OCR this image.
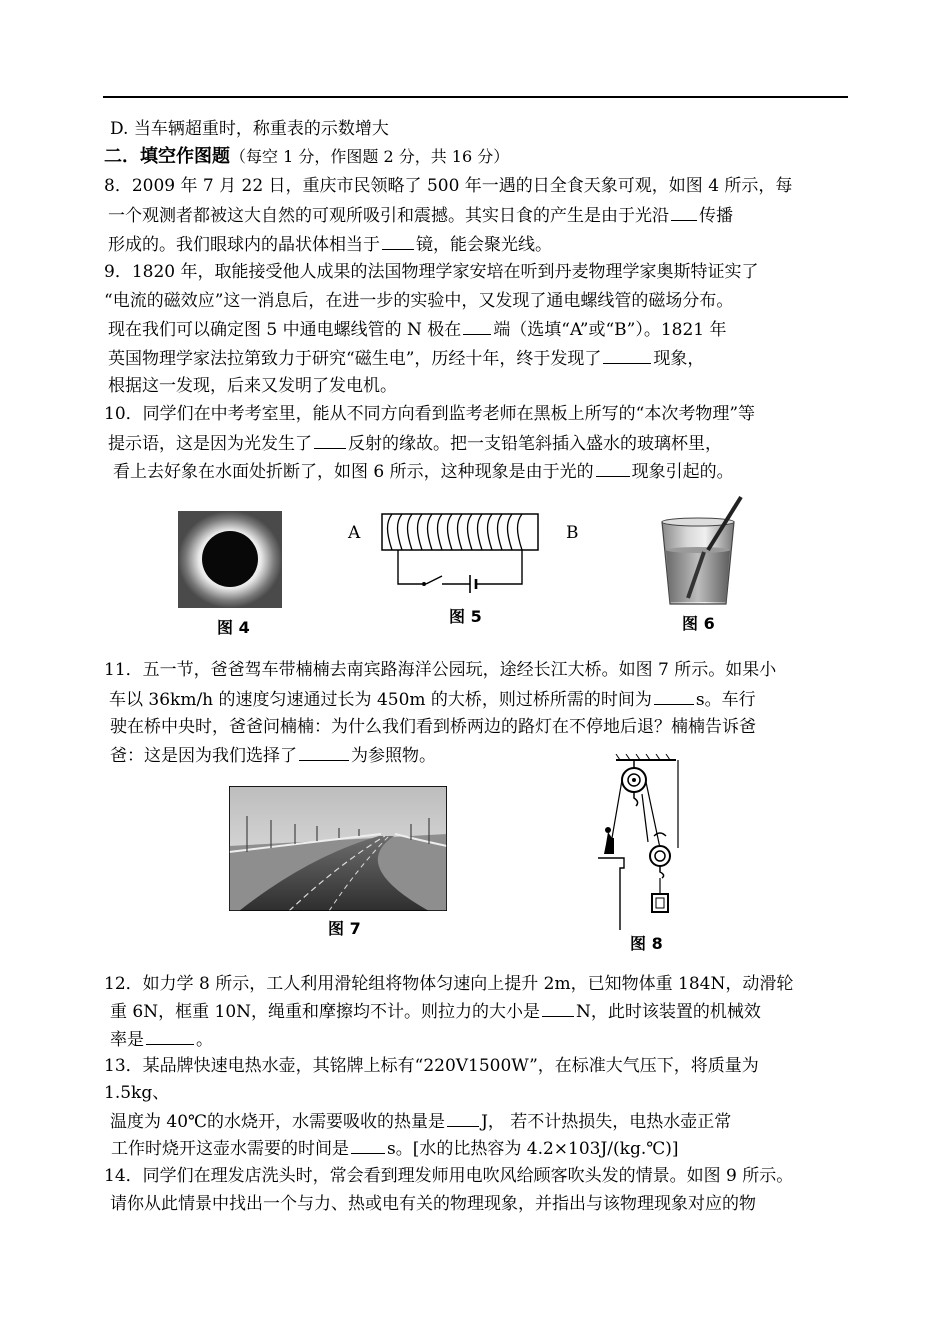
D. 当车辆超重时，称重表的示数增大
二．填空作图题（每空 1 分，作图题 2 分，共 16 分）
8．2009 年 7 月 22 日，重庆市民领略了 500 年一遇的日全食天象可观，如图 4 所示，每
一个观测者都被这大自然的可观所吸引和震撼。其实日食的产生是由于光沿 传播
形成的。我们眼球内的晶状体相当于 镜，能会聚光线。
9．1820 年，取能接受他人成果的法国物理学家安培在听到丹麦物理学家奥斯特证实了
“电流的磁效应”这一消息后，在进一步的实验中，又发现了通电螺线管的磁场分布。
现在我们可以确定图 5 中通电螺线管的 N 极在 端（选填“A”或“B”）。1821 年
英国物理学家法拉第致力于研究“磁生电”，历经十年，终于发现了	现象，
根据这一发现，后来又发明了发电机。
10．同学们在中考考室里，能从不同方向看到监考老师在黑板上所写的“本次考物理”等
提示语，这是因为光发生了 反射的缘故。把一支铅笔斜插入盛水的玻璃杯里，
看上去好象在水面处折断了，如图 6 所示，这种现象是由于光的 现象引起的。
图 4
A	B
图 5	图 6
11．五一节，爸爸驾车带楠楠去南宾路海洋公园玩，途经长江大桥。如图 7 所示。如果小
车以 36km/h 的速度匀速通过长为 450m 的大桥，则过桥所需的时间为	s。车行
驶在桥中央时，爸爸问楠楠：为什么我们看到桥两边的路灯在不停地后退？楠楠告诉爸
爸：这是因为我们选择了	为参照物。
图 7
图 8
12．如力学 8 所示，工人利用滑轮组将物体匀速向上提升 2m，已知物体重 184N，动滑轮
重 6N，框重 10N，绳重和摩擦均不计。则拉力的大小是 N，此时该装置的机械效
率是	。
13．某品牌快速电热水壶，其铭牌上标有“220V1500W”，在标准大气压下，将质量为
1.5kg、
温度为 40℃的水烧开，水需要吸收的热量是 J， 若不计热损失，电热水壶正常
工作时烧开这壶水需要的时间是 s。[水的比热容为 4.2×103J/(kg.℃)]
14．同学们在理发店洗头时，常会看到理发师用电吹风给顾客吹头发的情景。如图 9 所示。
请你从此情景中找出一个与力、热或电有关的物理现象，并指出与该物理现象对应的物
